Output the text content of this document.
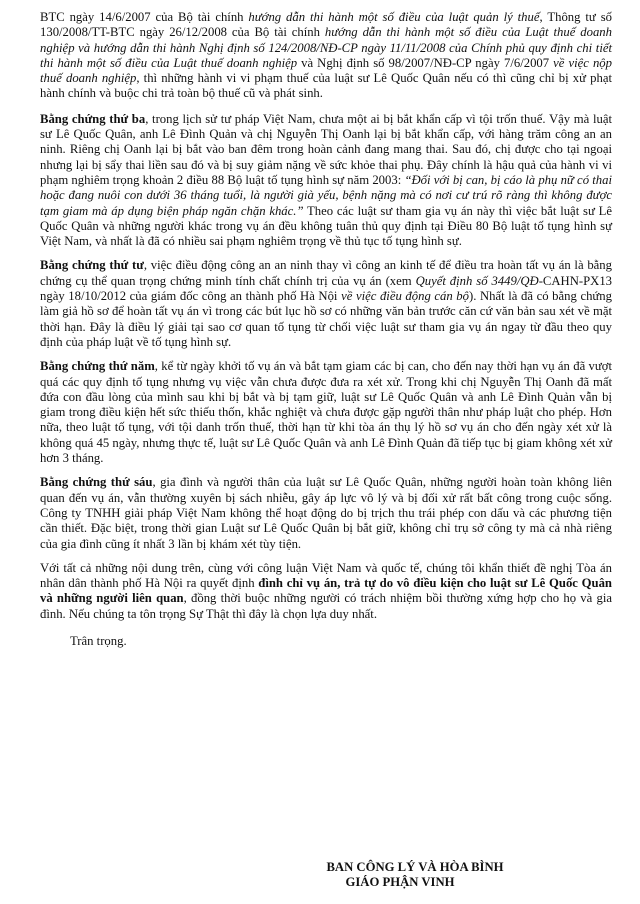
BTC ngày 14/6/2007 của Bộ tài chính hướng dẫn thi hành một số điều của luật quản lý thuế, Thông tư số 130/2008/TT-BTC ngày 26/12/2008 của Bộ tài chính hướng dẫn thi hành một số điều của Luật thuế doanh nghiệp và hướng dẫn thi hành Nghị định số 124/2008/NĐ-CP ngày 11/11/2008 của Chính phủ quy định chi tiết thi hành một số điều của Luật thuế doanh nghiệp và Nghị định số 98/2007/NĐ-CP ngày 7/6/2007 về việc nộp thuế doanh nghiệp, thì những hành vi vi phạm thuế của luật sư Lê Quốc Quân nếu có thì cũng chỉ bị xử phạt hành chính và buộc chi trả toàn bộ thuế cũ và phát sinh.

Bằng chứng thứ ba, trong lịch sử tư pháp Việt Nam, chưa một ai bị bắt khẩn cấp vì tội trốn thuế. Vậy mà luật sư Lê Quốc Quân, anh Lê Đình Quản và chị Nguyễn Thị Oanh lại bị bắt khẩn cấp, với hàng trăm công an an ninh. Riêng chị Oanh lại bị bắt vào ban đêm trong hoàn cảnh đang mang thai. Sau đó, chị được cho tại ngoại nhưng lại bị sẩy thai liền sau đó và bị suy giảm nặng về sức khỏe thai phụ. Đây chính là hậu quả của hành vi vi phạm nghiêm trọng khoản 2 điều 88 Bộ luật tố tụng hình sự năm 2003: “Đối với bị can, bị cáo là phụ nữ có thai hoặc đang nuôi con dưới 36 tháng tuổi, là người già yếu, bệnh nặng mà có nơi cư trú rõ ràng thì không được tạm giam mà áp dụng biện pháp ngăn chặn khác.” Theo các luật sư tham gia vụ án này thì việc bắt luật sư Lê Quốc Quân và những người khác trong vụ án đều không tuân thủ quy định tại Điều 80 Bộ luật tố tụng hình sự Việt Nam, và nhất là đã có nhiều sai phạm nghiêm trọng về thủ tục tố tụng hình sự.

Bằng chứng thứ tư, việc điều động công an an ninh thay vì công an kinh tế để điều tra hoàn tất vụ án là bằng chứng cụ thể quan trọng chứng minh tính chất chính trị của vụ án (xem Quyết định số 3449/QĐ-CAHN-PX13 ngày 18/10/2012 của giám đốc công an thành phố Hà Nội về việc điều động cán bộ). Nhất là đã có bằng chứng làm giả hồ sơ để hoàn tất vụ án vì trong các bút lục hồ sơ có những văn bản trước căn cứ văn bản sau xét về mặt thời hạn. Đây là điều lý giải tại sao cơ quan tố tụng từ chối việc luật sư tham gia vụ án ngay từ đầu theo quy định của pháp luật về tố tụng hình sự.

Bằng chứng thứ năm, kể từ ngày khởi tố vụ án và bắt tạm giam các bị can, cho đến nay thời hạn vụ án đã vượt quá các quy định tố tụng nhưng vụ việc vẫn chưa được đưa ra xét xử. Trong khi chị Nguyễn Thị Oanh đã mất đứa con đầu lòng của mình sau khi bị bắt và bị tạm giữ, luật sư Lê Quốc Quân và anh Lê Đình Quản vẫn bị giam trong điều kiện hết sức thiếu thốn, khắc nghiệt và chưa được gặp người thân như pháp luật cho phép. Hơn nữa, theo luật tố tụng, với tội danh trốn thuế, thời hạn từ khi tòa án thụ lý hồ sơ vụ án cho đến ngày xét xử là không quá 45 ngày, nhưng thực tế, luật sư Lê Quốc Quân và anh Lê Đình Quản đã tiếp tục bị giam không xét xử hơn 3 tháng.

Bằng chứng thứ sáu, gia đình và người thân của luật sư Lê Quốc Quân, những người hoàn toàn không liên quan đến vụ án, vẫn thường xuyên bị sách nhiễu, gây áp lực vô lý và bị đối xử rất bất công trong cuộc sống. Công ty TNHH giải pháp Việt Nam không thể hoạt động do bị trịch thu trái phép con dấu và các phương tiện cần thiết. Đặc biệt, trong thời gian Luật sư Lê Quốc Quân bị bắt giữ, không chỉ trụ sở công ty mà cả nhà riêng của gia đình cũng ít nhất 3 lần bị khám xét tùy tiện.

Với tất cả những nội dung trên, cùng với công luận Việt Nam và quốc tế, chúng tôi khẩn thiết đề nghị Tòa án nhân dân thành phố Hà Nội ra quyết định đình chỉ vụ án, trả tự do vô điều kiện cho luật sư Lê Quốc Quân và những người liên quan, đồng thời buộc những người có trách nhiệm bồi thường xứng hợp cho họ và gia đình. Nếu chúng ta tôn trọng Sự Thật thì đây là chọn lựa duy nhất.

Trân trọng.

BAN CÔNG LÝ VÀ HÒA BÌNH
GIÁO PHẬN VINH
